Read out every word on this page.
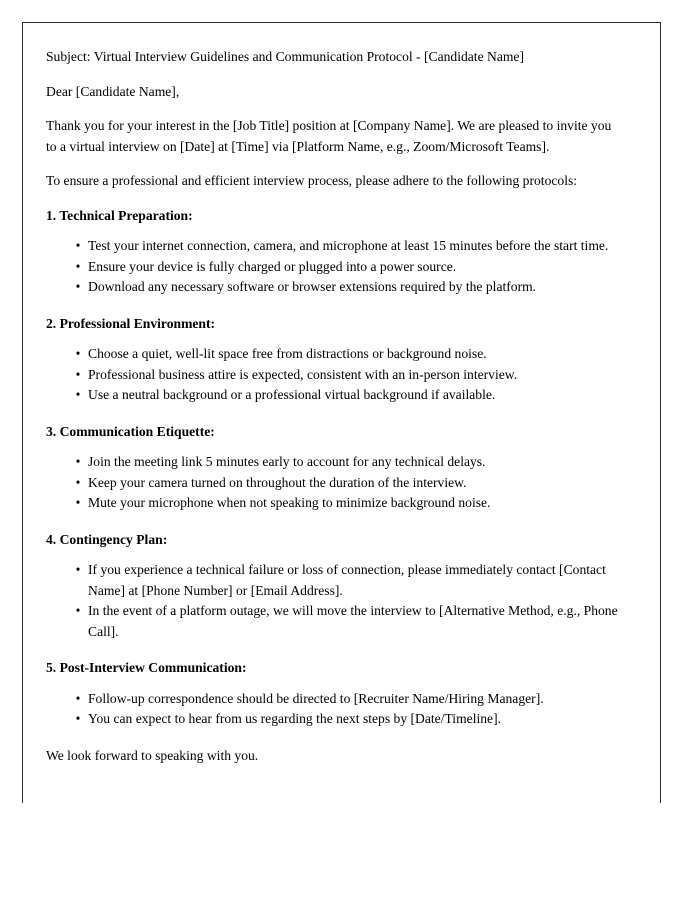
Subject: Virtual Interview Guidelines and Communication Protocol - [Candidate Name]

Dear [Candidate Name],

Thank you for your interest in the [Job Title] position at [Company Name]. We are pleased to invite you to a virtual interview on [Date] at [Time] via [Platform Name, e.g., Zoom/Microsoft Teams].

To ensure a professional and efficient interview process, please adhere to the following protocols:

1. Technical Preparation:
• Test your internet connection, camera, and microphone at least 15 minutes before the start time.
• Ensure your device is fully charged or plugged into a power source.
• Download any necessary software or browser extensions required by the platform.
2. Professional Environment:
• Choose a quiet, well-lit space free from distractions or background noise.
• Professional business attire is expected, consistent with an in-person interview.
• Use a neutral background or a professional virtual background if available.
3. Communication Etiquette:
• Join the meeting link 5 minutes early to account for any technical delays.
• Keep your camera turned on throughout the duration of the interview.
• Mute your microphone when not speaking to minimize background noise.
4. Contingency Plan:
• If you experience a technical failure or loss of connection, please immediately contact [Contact Name] at [Phone Number] or [Email Address].
• In the event of a platform outage, we will move the interview to [Alternative Method, e.g., Phone Call].
5. Post-Interview Communication:
• Follow-up correspondence should be directed to [Recruiter Name/Hiring Manager].
• You can expect to hear from us regarding the next steps by [Date/Timeline].

We look forward to speaking with you.
